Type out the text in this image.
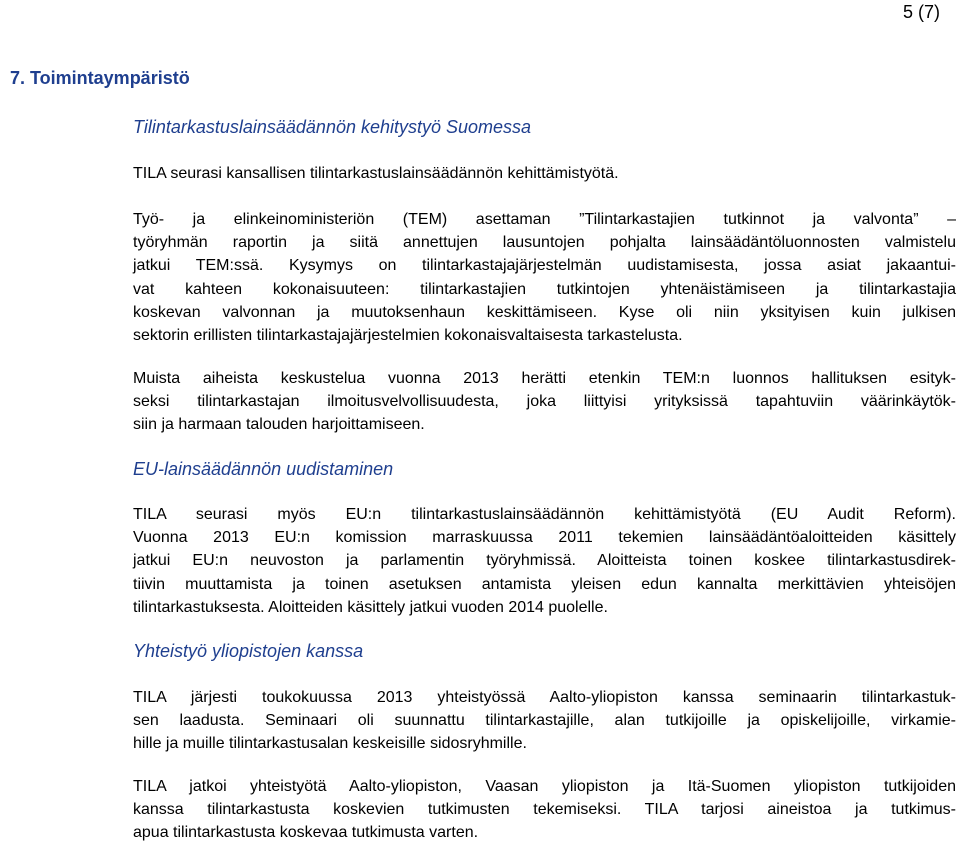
5 (7)
7. Toimintaympäristö
Tilintarkastuslainsäädännön kehitystyö Suomessa
TILA seurasi kansallisen tilintarkastuslainsäädännön kehittämistyötä.
Työ- ja elinkeinoministeriön (TEM) asettaman ”Tilintarkastajien tutkinnot ja valvonta” –
työryhmän raportin ja siitä annettujen lausuntojen pohjalta lainsäädäntöluonnosten valmistelu
jatkui TEM:ssä. Kysymys on tilintarkastajajärjestelmän uudistamisesta, jossa asiat jakaantui-
vat kahteen kokonaisuuteen: tilintarkastajien tutkintojen yhtenäistämiseen ja tilintarkastajia
koskevan valvonnan ja muutoksenhaun keskittämiseen. Kyse oli niin yksityisen kuin julkisen
sektorin erillisten tilintarkastajajärjestelmien kokonaisvaltaisesta tarkastelusta.
Muista aiheista keskustelua vuonna 2013 herätti etenkin TEM:n luonnos hallituksen esityk-
seksi tilintarkastajan ilmoitusvelvollisuudesta, joka liittyisi yrityksissä tapahtuviin väärinkäytök-
siin ja harmaan talouden harjoittamiseen.
EU-lainsäädännön uudistaminen
TILA seurasi myös EU:n tilintarkastuslainsäädännön kehittämistyötä (EU Audit Reform).
Vuonna 2013 EU:n komission marraskuussa 2011 tekemien lainsäädäntöaloitteiden käsittely
jatkui EU:n neuvoston ja parlamentin työryhmissä. Aloitteista toinen koskee tilintarkastusdirek-
tiivin muuttamista ja toinen asetuksen antamista yleisen edun kannalta merkittävien yhteisöjen
tilintarkastuksesta. Aloitteiden käsittely jatkui vuoden 2014 puolelle.
Yhteistyö yliopistojen kanssa
TILA järjesti toukokuussa 2013 yhteistyössä Aalto-yliopiston kanssa seminaarin tilintarkastuk-
sen laadusta. Seminaari oli suunnattu tilintarkastajille, alan tutkijoille ja opiskelijoille, virkamie-
hille ja muille tilintarkastusalan keskeisille sidosryhmille.
TILA jatkoi yhteistyötä Aalto-yliopiston, Vaasan yliopiston ja Itä-Suomen yliopiston tutkijoiden
kanssa tilintarkastusta koskevien tutkimusten tekemiseksi. TILA tarjosi aineistoa ja tutkimus-
apua tilintarkastusta koskevaa tutkimusta varten.
